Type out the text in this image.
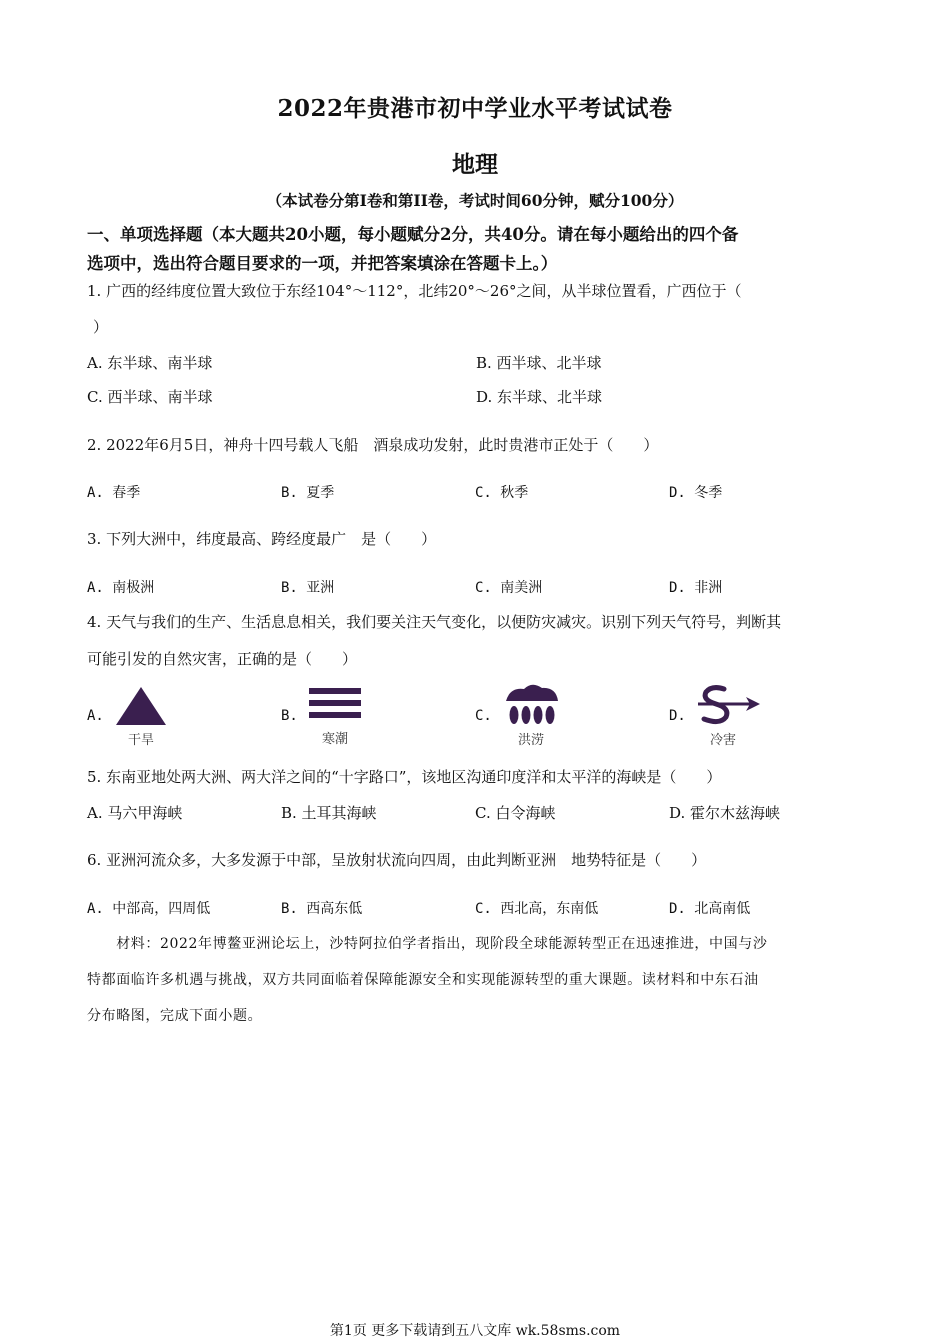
2022年贵港市初中学业水平考试试卷
地理
（本试卷分第I卷和第II卷，考试时间60分钟，赋分100分）
一、单项选择题（本大题共20小题，每小题赋分2分，共40分。请在每小题给出的四个备
选项中，选出符合题目要求的一项，并把答案填涂在答题卡上。）
1. 广西的经纬度位置大致位于东经104°～112°，北纬20°～26°之间，从半球位置看，广西位于（
）
A. 东半球、南半球	B. 西半球、北半球
C. 西半球、南半球	D. 东半球、北半球
2. 2022年6月5日，神舟十四号载人飞船　酒泉成功发射，此时贵港市正处于（　　）
A. 春季	B. 夏季	C. 秋季	D. 冬季
3. 下列大洲中，纬度最高、跨经度最广　是（　　）
A. 南极洲	B. 亚洲	C. 南美洲	D. 非洲
4. 天气与我们的生产、生活息息相关，我们要关注天气变化，以便防灾减灾。识别下列天气符号，判断其
可能引发的自然灾害，正确的是（　　）
A.
干旱
B.
寒潮
C.
洪涝
D.
冷害
5. 东南亚地处两大洲、两大洋之间的“十字路口”，该地区沟通印度洋和太平洋的海峡是（　　）
A. 马六甲海峡	B. 土耳其海峡	C. 白令海峡	D. 霍尔木兹海峡
6. 亚洲河流众多，大多发源于中部，呈放射状流向四周，由此判断亚洲　地势特征是（　　）
A. 中部高，四周低	B. 西高东低	C. 西北高，东南低	D. 北高南低
　　材料：2022年博鳌亚洲论坛上，沙特阿拉伯学者指出，现阶段全球能源转型正在迅速推进，中国与沙
特都面临许多机遇与挑战，双方共同面临着保障能源安全和实现能源转型的重大课题。读材料和中东石油
分布略图，完成下面小题。
第1页 更多下载请到五八文库 wk.58sms.com
